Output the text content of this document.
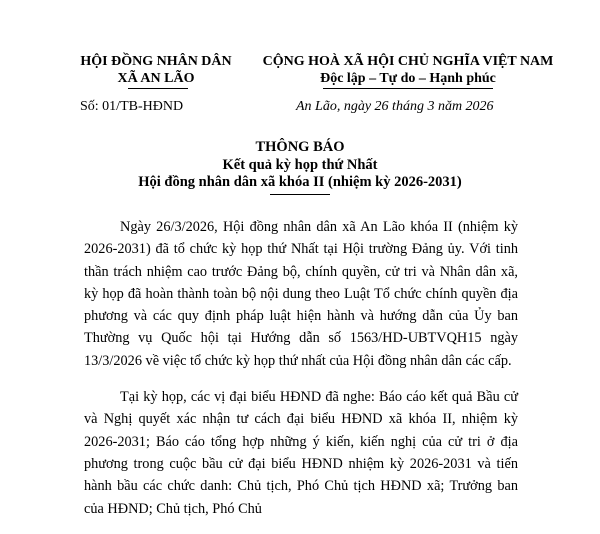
HỘI ĐỒNG NHÂN DÂN
XÃ AN LÃO
CỘNG HOÀ XÃ HỘI CHỦ NGHĨA VIỆT NAM
Độc lập – Tự do – Hạnh phúc
Số: 01/TB-HĐND	An Lão, ngày 26 tháng 3 năm 2026
THÔNG BÁO
Kết quả kỳ họp thứ Nhất
Hội đồng nhân dân xã khóa II (nhiệm kỳ 2026-2031)

Ngày 26/3/2026, Hội đồng nhân dân xã An Lão khóa II (nhiệm kỳ 2026-2031) đã tổ chức kỳ họp thứ Nhất tại Hội trường Đảng ủy. Với tinh thần trách nhiệm cao trước Đảng bộ, chính quyền, cử tri và Nhân dân xã, kỳ họp đã hoàn thành toàn bộ nội dung theo Luật Tổ chức chính quyền địa phương và các quy định pháp luật hiện hành và hướng dẫn của Ủy ban Thường vụ Quốc hội tại Hướng dẫn số 1563/HD-UBTVQH15 ngày 13/3/2026 về việc tổ chức kỳ họp thứ nhất của Hội đồng nhân dân các cấp.

Tại kỳ họp, các vị đại biểu HĐND đã nghe: Báo cáo kết quả Bầu cử và Nghị quyết xác nhận tư cách đại biểu HĐND xã khóa II, nhiệm kỳ 2026-2031; Báo cáo tổng hợp những ý kiến, kiến nghị của cử tri ở địa phương trong cuộc bầu cử đại biểu HĐND nhiệm kỳ 2026-2031 và tiến hành bầu các chức danh: Chủ tịch, Phó Chủ tịch HĐND xã; Trưởng ban của HĐND; Chủ tịch, Phó Chủ
